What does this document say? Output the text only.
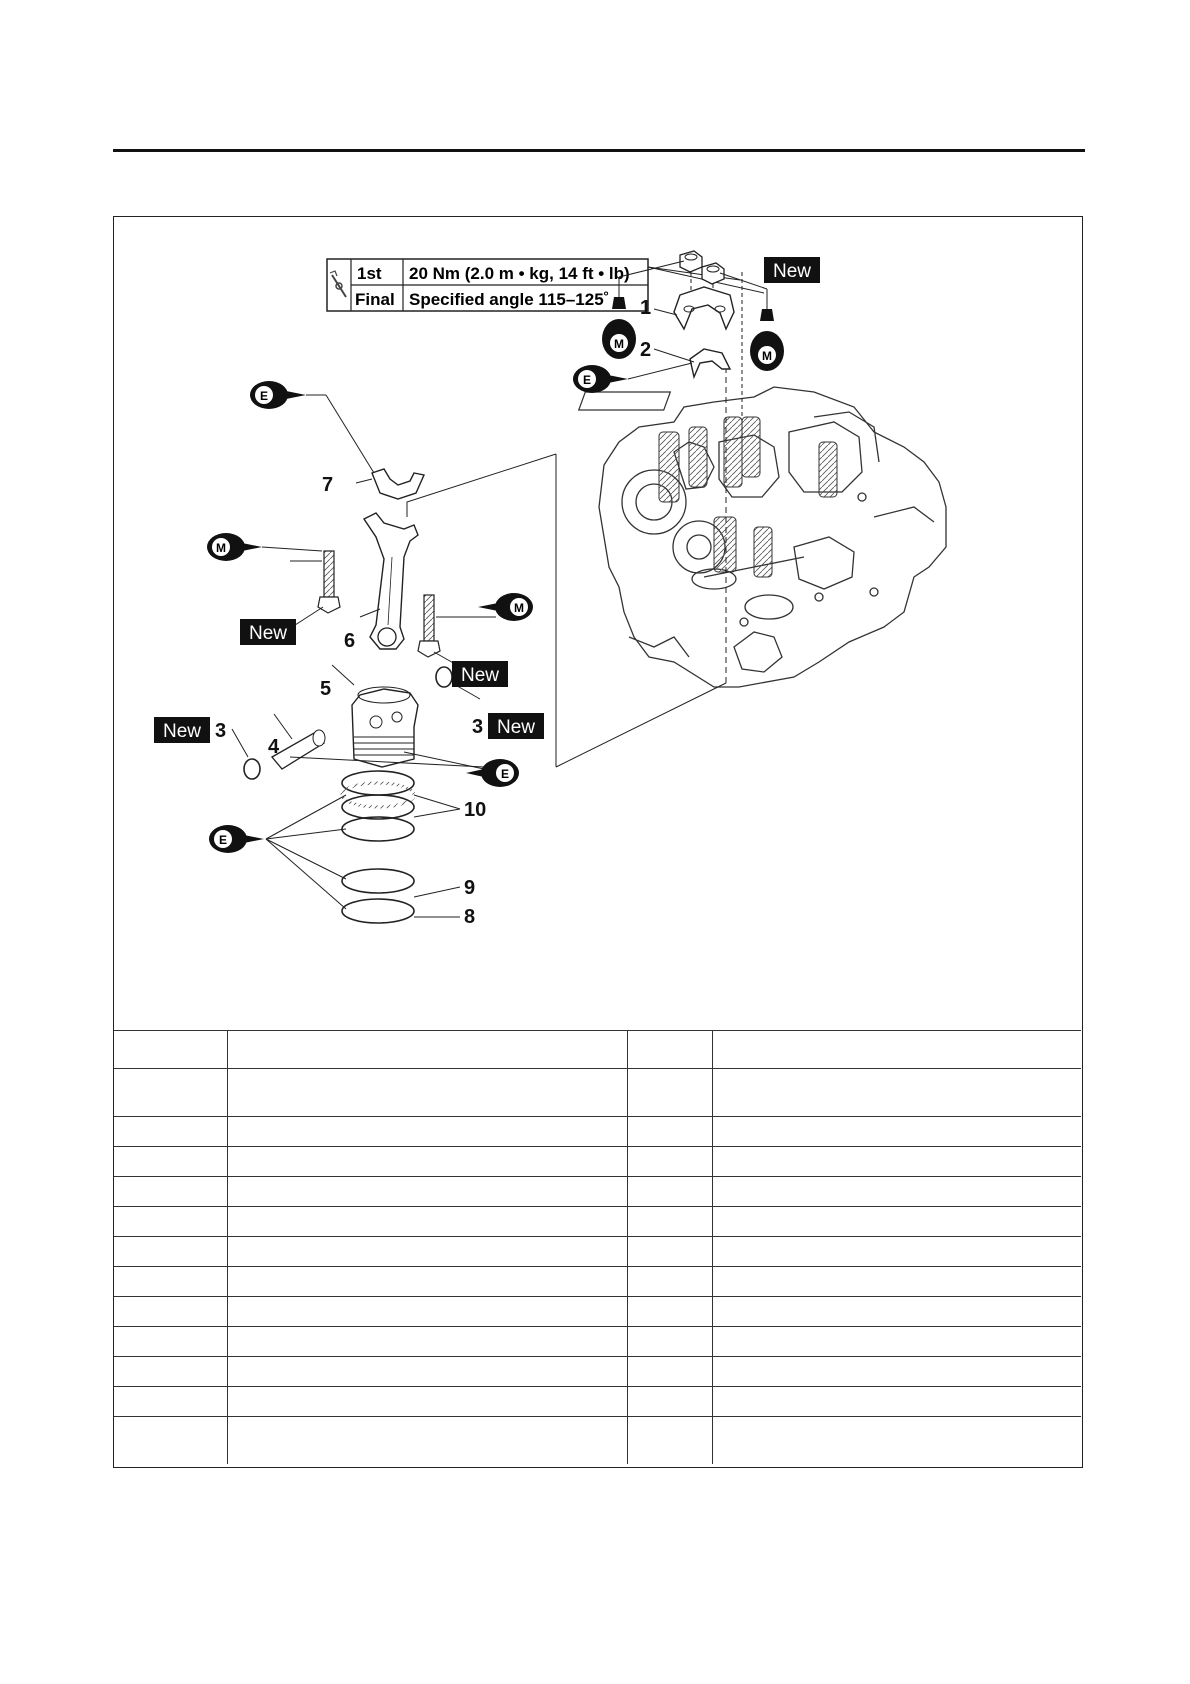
1st 20 Nm (2.0 m • kg, 14 ft • lb)
Final Specified angle 115–125˚
E
M
M
E
E
E
M
M
New
New
New
New
New
1
2
7
6
5
4
3	3
10
9
8
